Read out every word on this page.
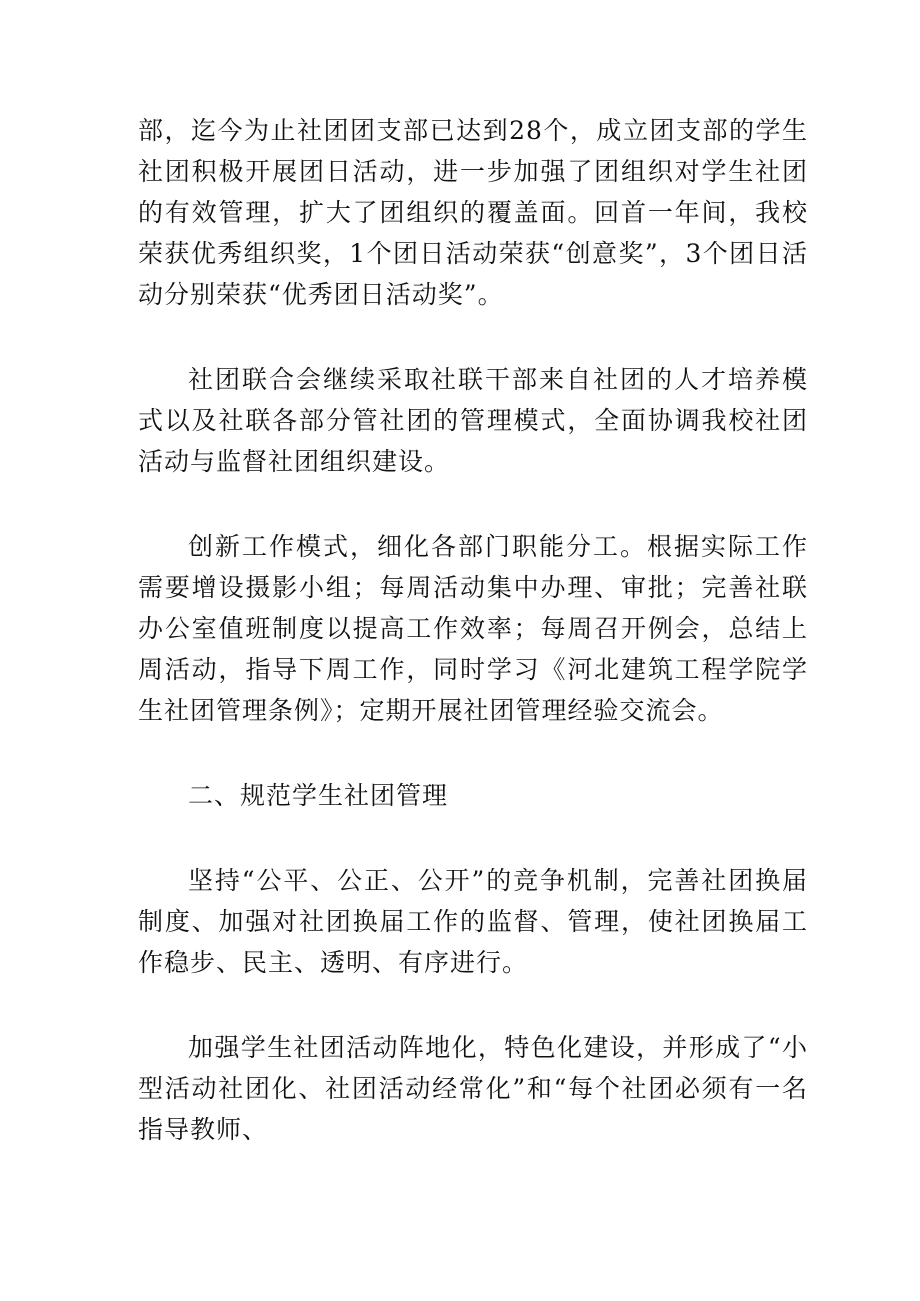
部，迄今为止社团团支部已达到28个，成立团支部的学生社团积极开展团日活动，进一步加强了团组织对学生社团的有效管理，扩大了团组织的覆盖面。回首一年间，我校荣获优秀组织奖，1个团日活动荣获“创意奖”，3个团日活动分别荣获“优秀团日活动奖”。

社团联合会继续采取社联干部来自社团的人才培养模式以及社联各部分管社团的管理模式，全面协调我校社团活动与监督社团组织建设。

创新工作模式，细化各部门职能分工。根据实际工作需要增设摄影小组；每周活动集中办理、审批；完善社联办公室值班制度以提高工作效率；每周召开例会，总结上周活动，指导下周工作，同时学习《河北建筑工程学院学生社团管理条例》；定期开展社团管理经验交流会。

二、规范学生社团管理

坚持“公平、公正、公开”的竞争机制，完善社团换届制度、加强对社团换届工作的监督、管理，使社团换届工作稳步、民主、透明、有序进行。

加强学生社团活动阵地化，特色化建设，并形成了“小型活动社团化、社团活动经常化”和“每个社团必须有一名指导教师、
